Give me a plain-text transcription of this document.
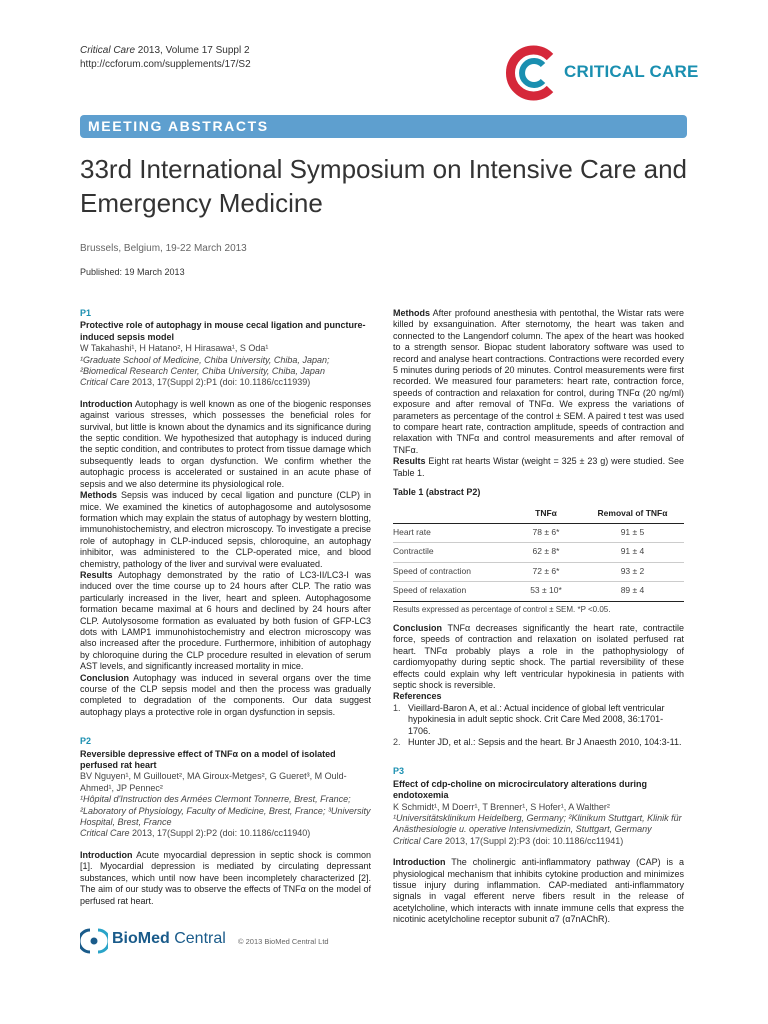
Critical Care 2013, Volume 17 Suppl 2
http://ccforum.com/supplements/17/S2	CRITICAL CARE
MEETING ABSTRACTS
33rd International Symposium on Intensive Care and Emergency Medicine
Brussels, Belgium, 19-22 March 2013
Published: 19 March 2013
P1
Protective role of autophagy in mouse cecal ligation and puncture-induced sepsis model
W Takahashi¹, H Hatano², H Hirasawa¹, S Oda¹
¹Graduate School of Medicine, Chiba University, Chiba, Japan; ²Biomedical Research Center, Chiba University, Chiba, Japan
Critical Care 2013, 17(Suppl 2):P1 (doi: 10.1186/cc11939)

Introduction Autophagy is well known as one of the biogenic responses against various stresses, which possesses the beneficial roles for survival, but little is known about the dynamics and its significance during the septic condition. We hypothesized that autophagy is induced during the septic condition, and contributes to protect from tissue damage which subsequently leads to organ dysfunction. We confirm whether the autophagic process is accelerated or sustained in an acute phase of sepsis and we also determine its physiological role.

Methods Sepsis was induced by cecal ligation and puncture (CLP) in mice. We examined the kinetics of autophagosome and autolysosome formation which may explain the status of autophagy by western blotting, immunohistochemistry, and electron microscopy. To investigate a precise role of autophagy in CLP-induced sepsis, chloroquine, an autophagy inhibitor, was administered to the CLP-operated mice, and blood chemistry, pathology of the liver and survival were evaluated.

Results Autophagy demonstrated by the ratio of LC3-II/LC3-I was induced over the time course up to 24 hours after CLP. The ratio was particularly increased in the liver, heart and spleen. Autophagosome formation became maximal at 6 hours and declined by 24 hours after CLP. Autolysosome formation as evaluated by both fusion of GFP-LC3 dots with LAMP1 immunohistochemistry and electron microscopy was also increased after the procedure. Furthermore, inhibition of autophagy by chloroquine during the CLP procedure resulted in elevation of serum AST levels, and significantly increased mortality in mice.

Conclusion Autophagy was induced in several organs over the time course of the CLP sepsis model and then the process was gradually completed to degradation of the components. Our data suggest autophagy plays a protective role in organ dysfunction in sepsis.

P2
Reversible depressive effect of TNFα on a model of isolated perfused rat heart
BV Nguyen¹, M Guillouet², MA Giroux-Metges², G Gueret³, M Ould-Ahmed¹, JP Pennec²
¹Hôpital d'Instruction des Armées Clermont Tonnerre, Brest, France; ²Laboratory of Physiology, Faculty of Medicine, Brest, France; ³University Hospital, Brest, France
Critical Care 2013, 17(Suppl 2):P2 (doi: 10.1186/cc11940)

Introduction Acute myocardial depression in septic shock is common [1]. Myocardial depression is mediated by circulating depressant substances, which until now have been incompletely characterized [2]. The aim of our study was to observe the effects of TNFα on the model of perfused rat heart.

Methods After profound anesthesia with pentothal, the Wistar rats were killed by exsanguination. After sternotomy, the heart was taken and connected to the Langendorf column. The apex of the heart was hooked to a strength sensor. Biopac student laboratory software was used to record and analyse heart contractions. Contractions were recorded every 5 minutes during periods of 20 minutes. Control measurements were first recorded. We measured four parameters: heart rate, contraction force, speeds of contraction and relaxation for control, during TNFα (20 ng/ml) exposure and after removal of TNFα. We express the variations of parameters as percentage of the control ± SEM. A paired t test was used to compare heart rate, contraction amplitude, speeds of contraction and relaxation with TNFα and control measurements and after removal of TNFα.

Results Eight rat hearts Wistar (weight = 325 ± 23 g) were studied. See Table 1.

Table 1 (abstract P2)
	TNFα	Removal of TNFα
Heart rate	78 ± 6*	91 ± 5
Contractile	62 ± 8*	91 ± 4
Speed of contraction	72 ± 6*	93 ± 2
Speed of relaxation	53 ± 10*	89 ± 4
Results expressed as percentage of control ± SEM. *P <0.05.

Conclusion TNFα decreases significantly the heart rate, contractile force, speeds of contraction and relaxation on isolated perfused rat heart. TNFα probably plays a role in the pathophysiology of cardiomyopathy during septic shock. The partial reversibility of these effects could explain why left ventricular hypokinesia in patients with septic shock is reversible.

References
1. Vieillard-Baron A, et al.: Actual incidence of global left ventricular hypokinesia in adult septic shock. Crit Care Med 2008, 36:1701-1706.
2. Hunter JD, et al.: Sepsis and the heart. Br J Anaesth 2010, 104:3-11.
P3
Effect of cdp-choline on microcirculatory alterations during endotoxemia
K Schmidt¹, M Doerr¹, T Brenner¹, S Hofer¹, A Walther²
¹Universitätsklinikum Heidelberg, Germany; ²Klinikum Stuttgart, Klinik für Anästhesiologie u. operative Intensivmedizin, Stuttgart, Germany
Critical Care 2013, 17(Suppl 2):P3 (doi: 10.1186/cc11941)

Introduction The cholinergic anti-inflammatory pathway (CAP) is a physiological mechanism that inhibits cytokine production and minimizes tissue injury during inflammation. CAP-mediated anti-inflammatory signals in vagal efferent nerve fibers result in the release of acetylcholine, which interacts with innate immune cells that express the nicotinic acetylcholine receptor subunit α7 (α7nAChR).

BioMed Central © 2013 BioMed Central Ltd
